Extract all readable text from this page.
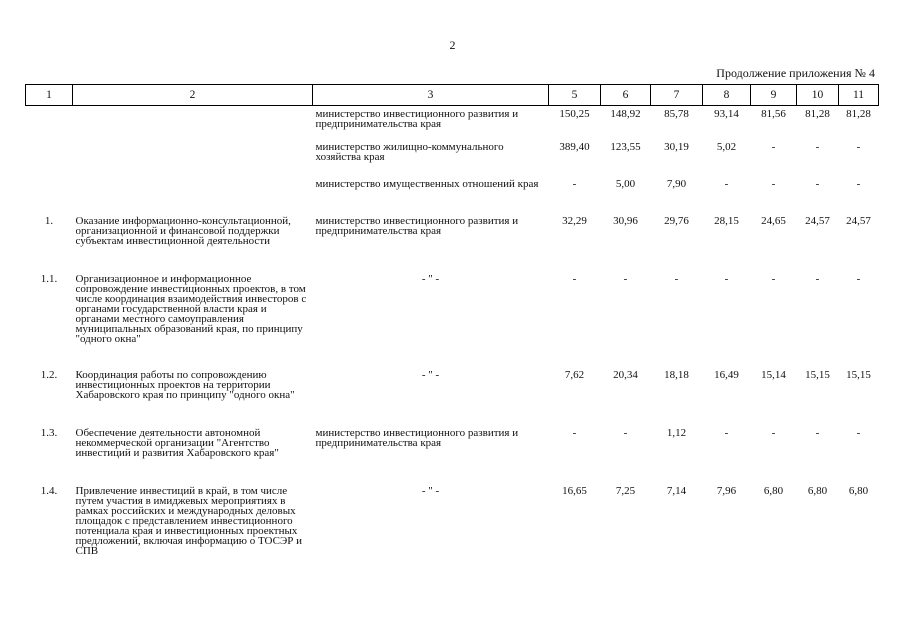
2
Продолжение приложения № 4
1	2	3	5	6	7	8	9	10	11
		министерство инвестиционного развития и предпринимательства края	150,25	148,92	85,78	93,14	81,56	81,28	81,28
		министерство жилищно-коммунального хозяйства края	389,40	123,55	30,19	5,02	-	-	-
		министерство имущественных отношений края	-	5,00	7,90	-	-	-	-
1.	Оказание информационно-консультационной, организационной и финансовой поддержки субъектам инвестиционной деятельности	министерство инвестиционного развития и предпринимательства края	32,29	30,96	29,76	28,15	24,65	24,57	24,57
1.1.	Организационное и информационное сопровождение инвестиционных проектов, в том числе координация взаимодействия инвесторов с органами государственной власти края и органами местного самоуправления муниципальных образований края, по принципу "одного окна"	- " -	-	-	-	-	-	-	-
1.2.	Координация работы по сопровождению инвестиционных проектов на территории Хабаровского края по принципу "одного окна"	- " -	7,62	20,34	18,18	16,49	15,14	15,15	15,15
1.3.	Обеспечение деятельности автономной некоммерческой организации "Агентство инвестиций и развития Хабаровского края"	министерство инвестиционного развития и предпринимательства края	-	-	1,12	-	-	-	-
1.4.	Привлечение инвестиций в край, в том числе путем участия в имиджевых мероприятиях в рамках российских и международных деловых площадок с представлением инвестиционного потенциала края и инвестиционных проектных предложений, включая информацию о ТОСЭР и СПВ	- " -	16,65	7,25	7,14	7,96	6,80	6,80	6,80
